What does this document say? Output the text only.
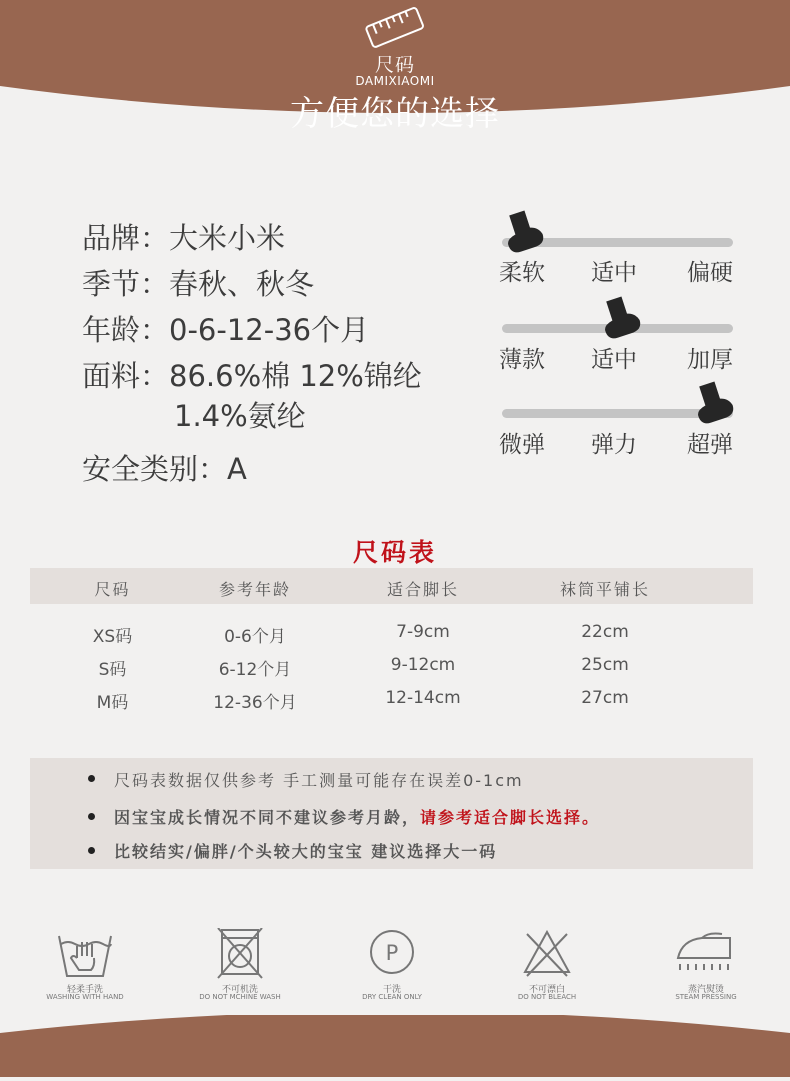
尺码
DAMIXIAOMI
方便您的选择
品牌：大米小米
季节：春秋、秋冬
年龄：0-6-12-36个月
面料：86.6%棉 12%锦纶
1.4%氨纶
安全类别：A
柔软	适中	偏硬
薄款	适中	加厚
微弹	弹力	超弹
尺码表
尺码	参考年龄	适合脚长	袜筒平铺长
XS码	0-6个月	7-9cm	22cm
S码	6-12个月	9-12cm	25cm
M码	12-36个月	12-14cm	27cm
尺码表数据仅供参考 手工测量可能存在误差0-1cm
因宝宝成长情况不同不建议参考月龄，请参考适合脚长选择。
比较结实/偏胖/个头较大的宝宝 建议选择大一码
P
轻柔手洗
WASHING WITH HAND
不可机洗
DO NOT MCHINE WASH
干洗
DRY CLEAN ONLY
不可漂白
DO NOT BLEACH
蒸汽熨烫
STEAM PRESSING
